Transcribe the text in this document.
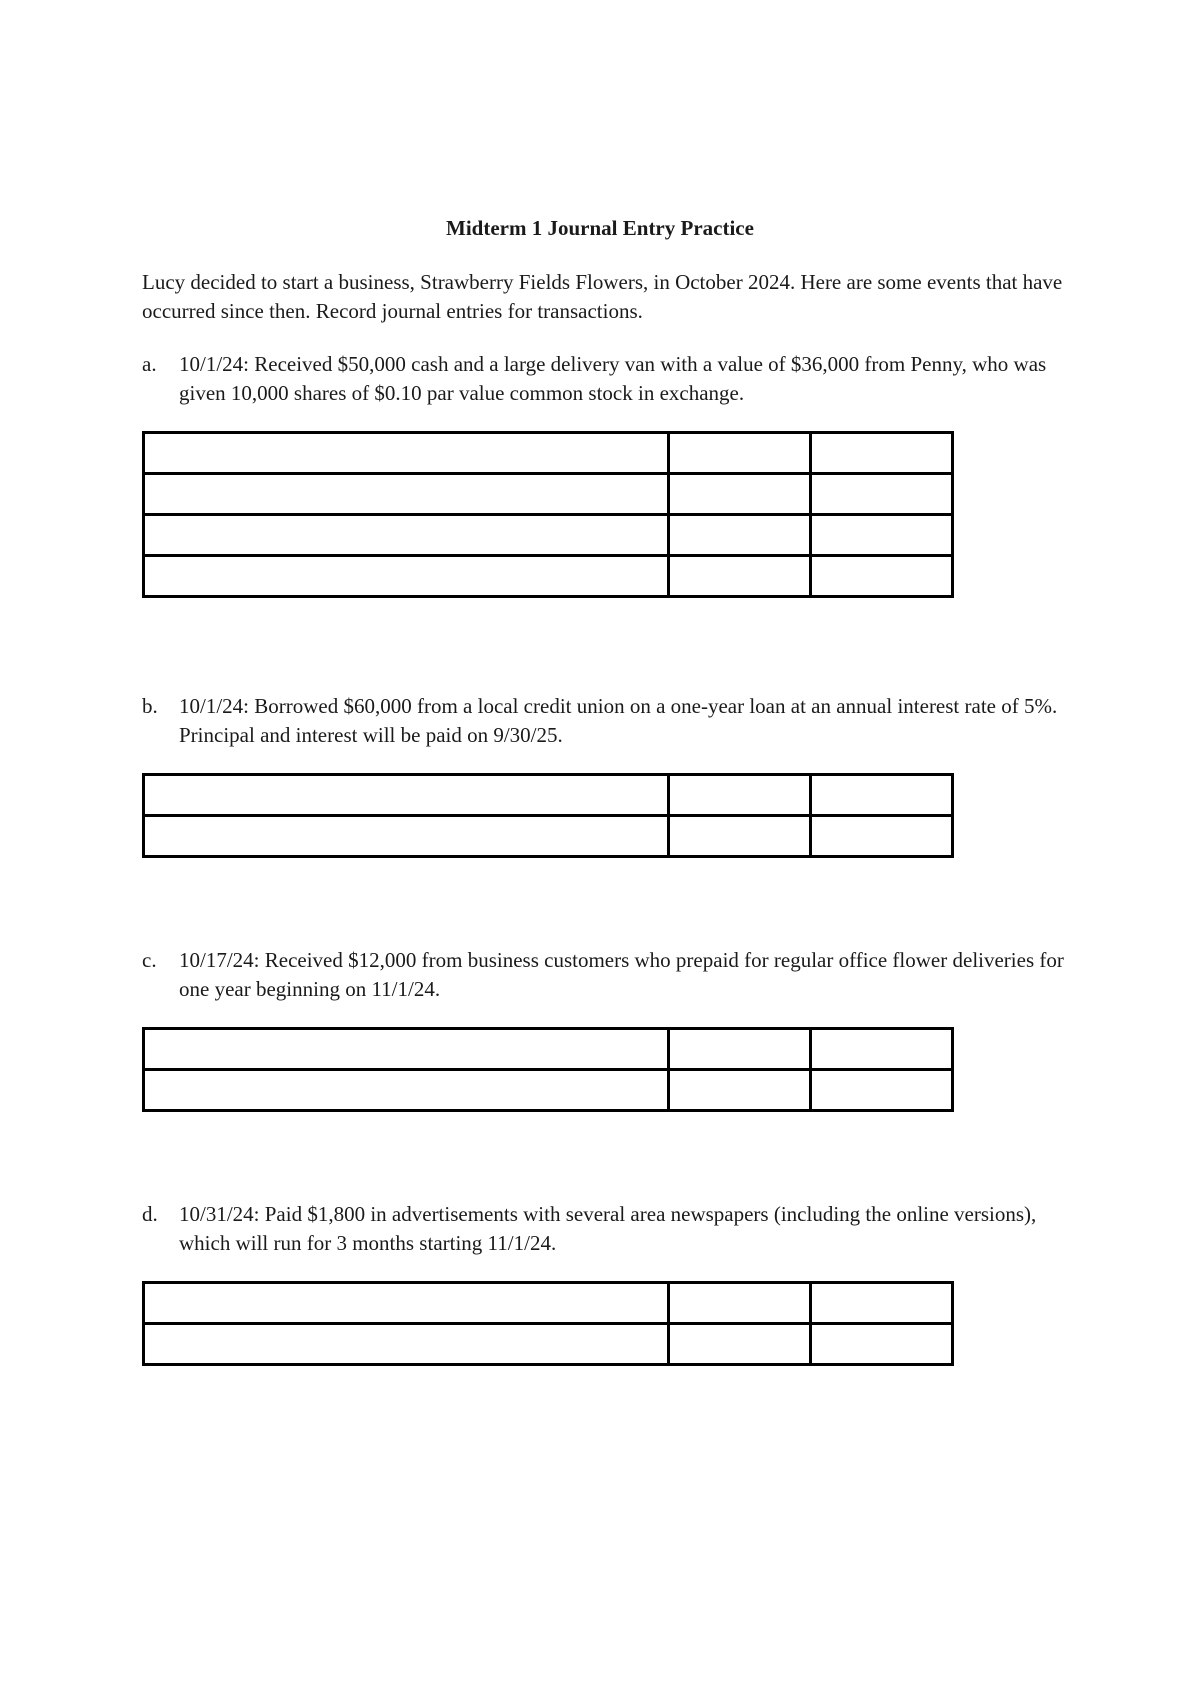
Midterm 1 Journal Entry Practice
Lucy decided to start a business, Strawberry Fields Flowers, in October 2024. Here are some events that have occurred since then. Record journal entries for transactions.
a. 10/1/24: Received $50,000 cash and a large delivery van with a value of $36,000 from Penny, who was given 10,000 shares of $0.10 par value common stock in exchange.

b. 10/1/24: Borrowed $60,000 from a local credit union on a one-year loan at an annual interest rate of 5%. Principal and interest will be paid on 9/30/25.

c. 10/17/24: Received $12,000 from business customers who prepaid for regular office flower deliveries for one year beginning on 11/1/24.

d. 10/31/24: Paid $1,800 in advertisements with several area newspapers (including the online versions), which will run for 3 months starting 11/1/24.
